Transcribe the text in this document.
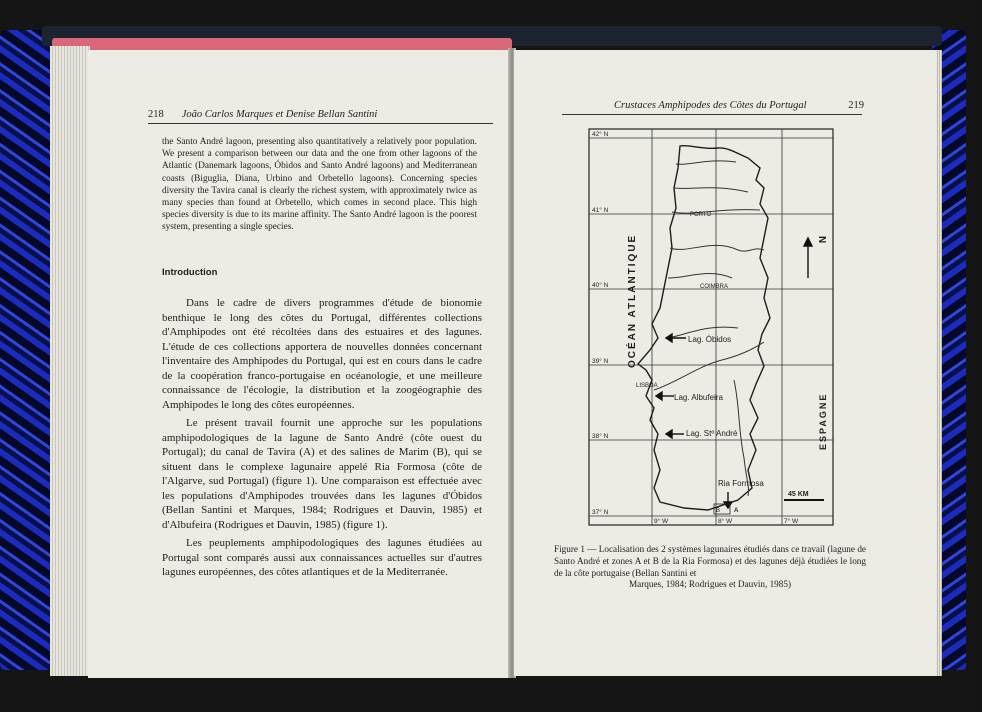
218 João Carlos Marques et Denise Bellan Santini
the Santo André lagoon, presenting also quantitatively a relatively poor population. We present a comparison between our data and the one from other lagoons of the Atlantic (Danemark lagoons, Óbidos and Santo André lagoons) and Mediterranean coasts (Biguglia, Diana, Urbino and Orbetello lagoons). Concerning species diversity the Tavira canal is clearly the richest system, with approximately twice as many species than found at Orbetello, which comes in second place. This high species diversity is due to its marine affinity. The Santo André lagoon is the poorest system, presenting a single species.
Introduction

Dans le cadre de divers programmes d'étude de bionomie benthique le long des côtes du Portugal, différentes collections d'Amphipodes ont été récoltées dans des estuaires et des lagunes. L'étude de ces collections apportera de nouvelles données concernant l'inventaire des Amphipodes du Portugal, qui est en cours dans le cadre de la coopération franco-portugaise en océanologie, et une meilleure connaissance de l'écologie, la distribution et la zoogéographie des Amphipodes le long des côtes européennes.

Le présent travail fournit une approche sur les populations amphipodologiques de la lagune de Santo André (côte ouest du Portugal); du canal de Tavira (A) et des salines de Marim (B), qui se situent dans le complexe lagunaire appelé Ria Formosa (côte de l'Algarve, sud Portugal) (figure 1). Une comparaison est effectuée avec les populations d'Amphipodes trouvées dans les lagunes d'Óbidos (Bellan Santini et Marques, 1984; Rodrigues et Dauvin, 1985) et d'Albufeira (Rodrigues et Dauvin, 1985) (figure 1).

Les peuplements amphipodologiques des lagunes étudiées au Portugal sont comparés aussi aux connaissances actuelles sur d'autres lagunes européennes, des côtes atlantiques et de la Mediterranée.

Crustaces Amphipodes des Côtes du Portugal	219
42° N
41° N
40° N
39° N
38° N
37° N
9° W	8° W	7° W
OCÉAN ATLANTIQUE
ESPAGNE
N
PORTO
COIMBRA
LISBOA
Lag. Óbidos
Lag. Albufeira
Lag. Stº André
Ria Formosa
B A
45 KM
Figure 1 — Localisation des 2 systèmes lagunaires étudiés dans ce travail (lagune de Santo André et zones A et B de la Ria Formosa) et des lagunes déjà étudiées le long de la côte portugaise (Bellan Santini et
Marques, 1984; Rodrigues et Dauvin, 1985)
